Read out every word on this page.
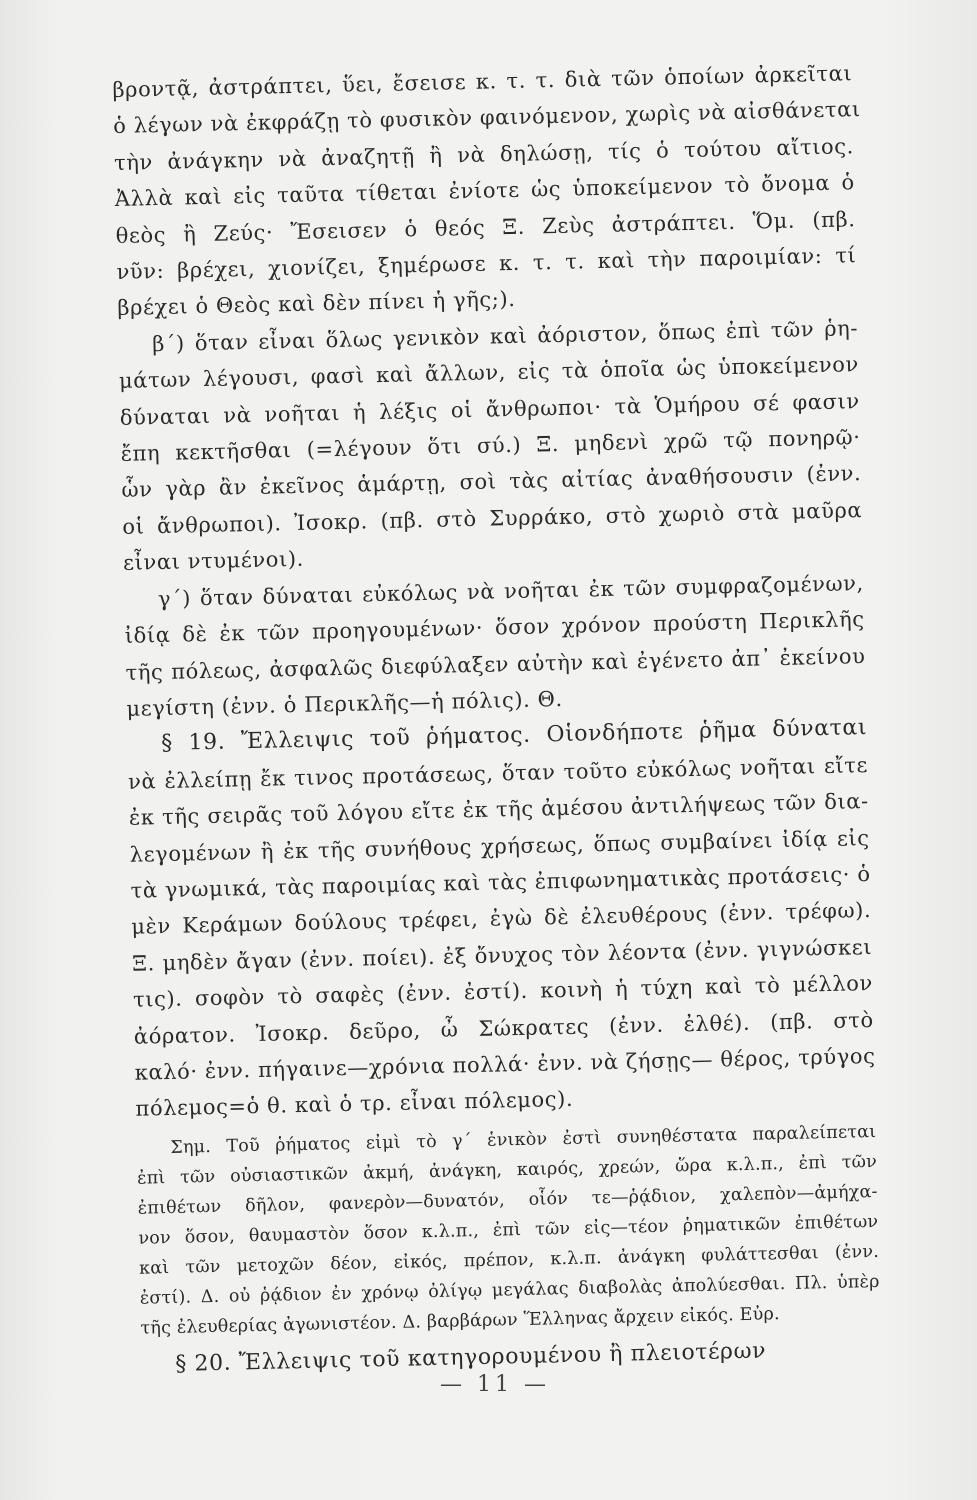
βροντᾷ, ἀστράπτει, ὕει, ἔσεισε κ. τ. τ. διὰ τῶν ὁποίων ἀρκεῖται
ὁ λέγων νὰ ἐκφράζῃ τὸ φυσικὸν φαινόμενον, χωρὶς νὰ αἰσθάνεται
τὴν ἀνάγκην νὰ ἀναζητῇ ἢ νὰ δηλώσῃ, τίς ὁ τούτου αἴτιος.
Ἀλλὰ καὶ εἰς ταῦτα τίθεται ἐνίοτε ὡς ὑποκείμενον τὸ ὄνομα ὁ
θεὸς ἢ Ζεύς· Ἔσεισεν ὁ θεός Ξ. Ζεὺς ἀστράπτει. Ὅμ. (πβ.
νῦν: βρέχει, χιονίζει, ξημέρωσε κ. τ. τ. καὶ τὴν παροιμίαν: τί
βρέχει ὁ Θεὸς καὶ δὲν πίνει ἡ γῆς;).
β΄) ὅταν εἶναι ὅλως γενικὸν καὶ ἀόριστον, ὅπως ἐπὶ τῶν ῥη-
μάτων λέγουσι, φασὶ καὶ ἄλλων, εἰς τὰ ὁποῖα ὡς ὑποκείμενον
δύναται νὰ νοῆται ἡ λέξις οἱ ἄνθρωποι· τὰ Ὁμήρου σέ φασιν
ἔπη κεκτῆσθαι (=λέγουν ὅτι σύ.) Ξ. μηδενὶ χρῶ τῷ πονηρῷ·
ὧν γὰρ ἂν ἐκεῖνος ἁμάρτῃ, σοὶ τὰς αἰτίας ἀναθήσουσιν (ἐνν.
οἱ ἄνθρωποι). Ἰσοκρ. (πβ. στὸ Συρράκο, στὸ χωριὸ στὰ μαῦρα
εἶναι ντυμένοι).
γ΄) ὅταν δύναται εὐκόλως νὰ νοῆται ἐκ τῶν συμφραζομένων,
ἰδίᾳ δὲ ἐκ τῶν προηγουμένων· ὅσον χρόνον προύστη Περικλῆς
τῆς πόλεως, ἀσφαλῶς διεφύλαξεν αὐτὴν καὶ ἐγένετο ἀπ᾿ ἐκείνου
μεγίστη (ἐνν. ὁ Περικλῆς—ἡ πόλις). Θ.
§ 19. Ἔλλειψις τοῦ ῥήματος. Οἱονδήποτε ῥῆμα δύναται
νὰ ἐλλείπῃ ἔκ τινος προτάσεως, ὅταν τοῦτο εὐκόλως νοῆται εἴτε
ἐκ τῆς σειρᾶς τοῦ λόγου εἴτε ἐκ τῆς ἀμέσου ἀντιλήψεως τῶν δια-
λεγομένων ἢ ἐκ τῆς συνήθους χρήσεως, ὅπως συμβαίνει ἰδίᾳ εἰς
τὰ γνωμικά, τὰς παροιμίας καὶ τὰς ἐπιφωνηματικὰς προτάσεις· ὁ
μὲν Κεράμων δούλους τρέφει, ἐγὼ δὲ ἐλευθέρους (ἐνν. τρέφω).
Ξ. μηδὲν ἄγαν (ἐνν. ποίει). ἐξ ὄνυχος τὸν λέοντα (ἐνν. γιγνώσκει
τις). σοφὸν τὸ σαφὲς (ἐνν. ἐστί). κοινὴ ἡ τύχη καὶ τὸ μέλλον
ἀόρατον. Ἰσοκρ. δεῦρο, ὦ Σώκρατες (ἐνν. ἐλθέ). (πβ. στὸ
καλό· ἐνν. πήγαινε—χρόνια πολλά· ἐνν. νὰ ζήσῃς— θέρος, τρύγος
πόλεμος=ὁ θ. καὶ ὁ τρ. εἶναι πόλεμος).
Σημ. Τοῦ ῥήματος εἰμὶ τὸ γ΄ ἑνικὸν ἐστὶ συνηθέστατα παραλείπεται
ἐπὶ τῶν οὐσιαστικῶν ἀκμή, ἀνάγκη, καιρός, χρεών, ὥρα κ.λ.π., ἐπὶ τῶν
ἐπιθέτων δῆλον, φανερὸν—δυνατόν, οἷόν τε—ῥᾴδιον, χαλεπὸν—ἀμήχα-
νον ὅσον, θαυμαστὸν ὅσον κ.λ.π., ἐπὶ τῶν εἰς—τέον ῥηματικῶν ἐπιθέτων
καὶ τῶν μετοχῶν δέον, εἰκός, πρέπον, κ.λ.π. ἀνάγκη φυλάττεσθαι (ἐνν.
ἐστί). Δ. οὐ ῥᾴδιον ἐν χρόνῳ ὀλίγῳ μεγάλας διαβολὰς ἀπολύεσθαι. Πλ. ὑπὲρ
τῆς ἐλευθερίας ἀγωνιστέον. Δ. βαρβάρων Ἕλληνας ἄρχειν εἰκός. Εὐρ.
§ 20. Ἔλλειψις τοῦ κατηγορουμένου ἢ πλειοτέρων
— 11 —
